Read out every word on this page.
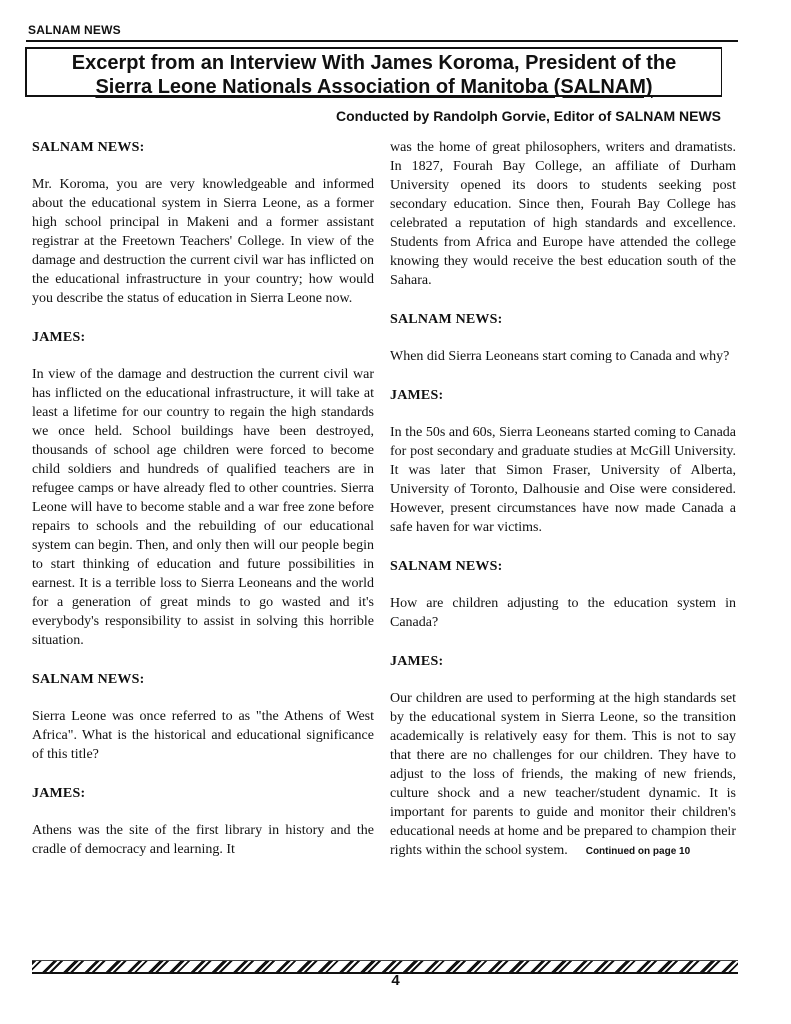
SALNAM NEWS
Excerpt from an Interview With James Koroma, President of the
Sierra Leone Nationals Association of Manitoba (SALNAM)
Conducted by Randolph Gorvie, Editor of SALNAM NEWS

SALNAM NEWS:

Mr. Koroma, you are very knowledgeable and informed about the educational system in Sierra Leone, as a former high school principal in Makeni and a former assistant registrar at the Freetown Teachers' College. In view of the damage and destruction the current civil war has inflicted on the educational infrastructure in your country; how would you describe the status of education in Sierra Leone now.

JAMES:

In view of the damage and destruction the current civil war has inflicted on the educational infrastructure, it will take at least a lifetime for our country to regain the high standards we once held. School buildings have been destroyed, thousands of school age children were forced to become child soldiers and hundreds of qualified teachers are in refugee camps or have already fled to other countries. Sierra Leone will have to become stable and a war free zone before repairs to schools and the rebuilding of our educational system can begin. Then, and only then will our people begin to start thinking of education and future possibilities in earnest. It is a terrible loss to Sierra Leoneans and the world for a generation of great minds to go wasted and it's everybody's responsibility to assist in solving this horrible situation.

SALNAM NEWS:

Sierra Leone was once referred to as "the Athens of West Africa". What is the historical and educational significance of this title?

JAMES:

Athens was the site of the first library in history and the cradle of democracy and learning. It

was the home of great philosophers, writers and dramatists. In 1827, Fourah Bay College, an affiliate of Durham University opened its doors to students seeking post secondary education. Since then, Fourah Bay College has celebrated a reputation of high standards and excellence. Students from Africa and Europe have attended the college knowing they would receive the best education south of the Sahara.

SALNAM NEWS:

When did Sierra Leoneans start coming to Canada and why?

JAMES:

In the 50s and 60s, Sierra Leoneans started coming to Canada for post secondary and graduate studies at McGill University. It was later that Simon Fraser, University of Alberta, University of Toronto, Dalhousie and Oise were considered. However, present circumstances have now made Canada a safe haven for war victims.

SALNAM NEWS:

How are children adjusting to the education system in Canada?

JAMES:

Our children are used to performing at the high standards set by the educational system in Sierra Leone, so the transition academically is relatively easy for them. This is not to say that there are no challenges for our children. They have to adjust to the loss of friends, the making of new friends, culture shock and a new teacher/student dynamic. It is important for parents to guide and monitor their children's educational needs at home and be prepared to champion their rights within the school system. Continued on page 10

4
